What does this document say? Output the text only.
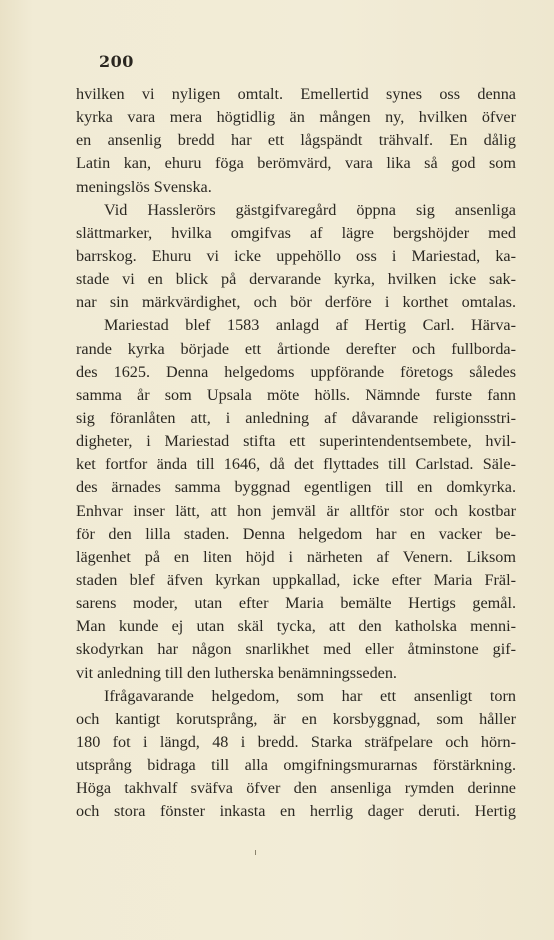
200
hvilken vi nyligen omtalt. Emellertid synes oss denna
kyrka vara mera högtidlig än mången ny, hvilken öfver
en ansenlig bredd har ett lågspändt trähvalf. En dålig
Latin kan, ehuru föga berömvärd, vara lika så god som
meningslös Svenska.
Vid Hasslerörs gästgifvaregård öppna sig ansenliga
slättmarker, hvilka omgifvas af lägre bergshöjder med
barrskog. Ehuru vi icke uppehöllo oss i Mariestad, ka-
stade vi en blick på dervarande kyrka, hvilken icke sak-
nar sin märkvärdighet, och bör derföre i korthet omtalas.
Mariestad blef 1583 anlagd af Hertig Carl. Härva-
rande kyrka började ett årtionde derefter och fullborda-
des 1625. Denna helgedoms uppförande företogs således
samma år som Upsala möte hölls. Nämnde furste fann
sig föranlåten att, i anledning af dåvarande religionsstri-
digheter, i Mariestad stifta ett superintendentsembete, hvil-
ket fortfor ända till 1646, då det flyttades till Carlstad. Säle-
des ärnades samma byggnad egentligen till en domkyrka.
Enhvar inser lätt, att hon jemväl är alltför stor och kostbar
för den lilla staden. Denna helgedom har en vacker be-
lägenhet på en liten höjd i närheten af Venern. Liksom
staden blef äfven kyrkan uppkallad, icke efter Maria Fräl-
sarens moder, utan efter Maria bemälte Hertigs gemål.
Man kunde ej utan skäl tycka, att den katholska menni-
skodyrkan har någon snarlikhet med eller åtminstone gif-
vit anledning till den lutherska benämningsseden.
Ifrågavarande helgedom, som har ett ansenligt torn
och kantigt korutsprång, är en korsbyggnad, som håller
180 fot i längd, 48 i bredd. Starka sträfpelare och hörn-
utsprång bidraga till alla omgifningsmurarnas förstärkning.
Höga takhvalf sväfva öfver den ansenliga rymden derinne
och stora fönster inkasta en herrlig dager deruti. Hertig
